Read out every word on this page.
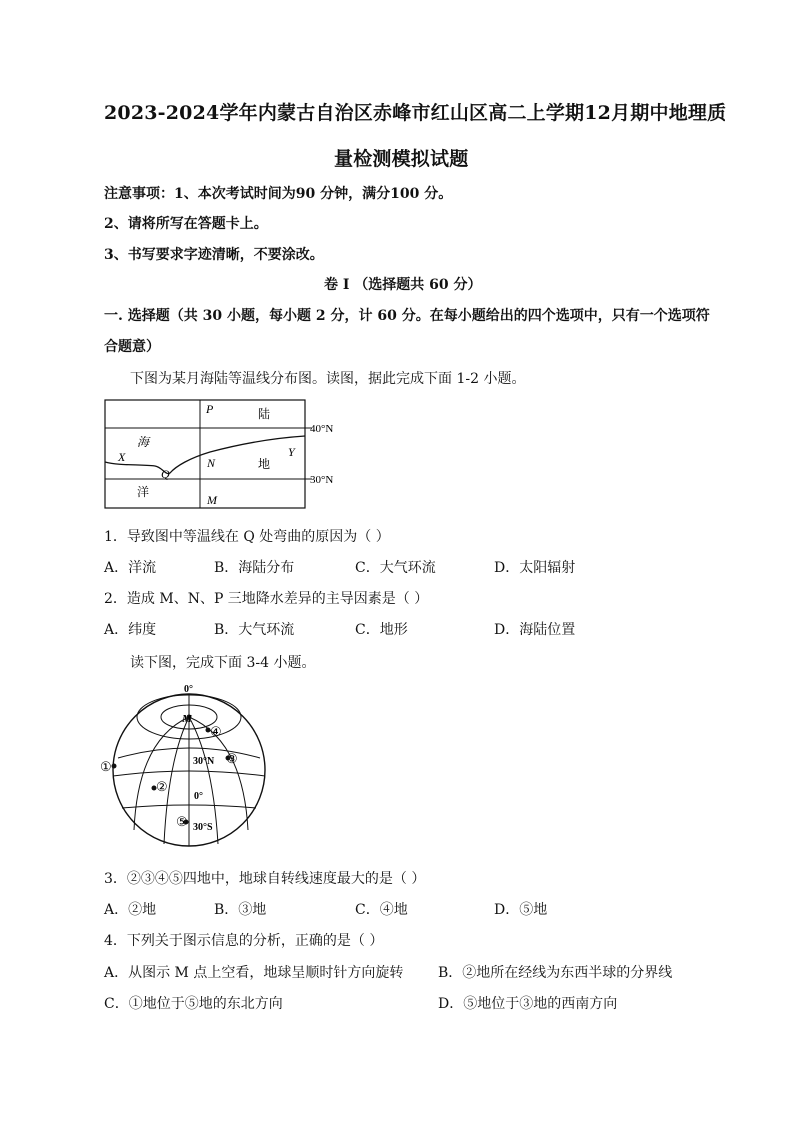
2023-2024学年内蒙古自治区赤峰市红山区高二上学期12月期中地理质
量检测模拟试题
注意事项：1、本次考试时间为90 分钟，满分100 分。
2、请将所写在答题卡上。
3、书写要求字迹清晰，不要涂改。
卷 I （选择题共 60 分）
一. 选择题（共 30 小题，每小题 2 分，计 60 分。在每小题给出的四个选项中，只有一个选项符
合题意）
下图为某月海陆等温线分布图。读图，据此完成下面 1-2 小题。
P	陆
海
X
Q
N	地
Y
洋
M
40°N
30°N
1．导致图中等温线在 Q 处弯曲的原因为（ ）
A．洋流	B．海陆分布	C．大气环流	D．太阳辐射
2．造成 M、N、P 三地降水差异的主导因素是（ ）
A．纬度	B．大气环流	C．地形	D．海陆位置
读下图，完成下面 3-4 小题。
0°
M
④
①	30°N ③
②
0°
⑤ 30°S
3．②③④⑤四地中，地球自转线速度最大的是（ ）
A．②地	B．③地	C．④地	D．⑤地
4．下列关于图示信息的分析，正确的是（ ）
A．从图示 M 点上空看，地球呈顺时针方向旋转 B．②地所在经线为东西半球的分界线
C．①地位于⑤地的东北方向	D．⑤地位于③地的西南方向
